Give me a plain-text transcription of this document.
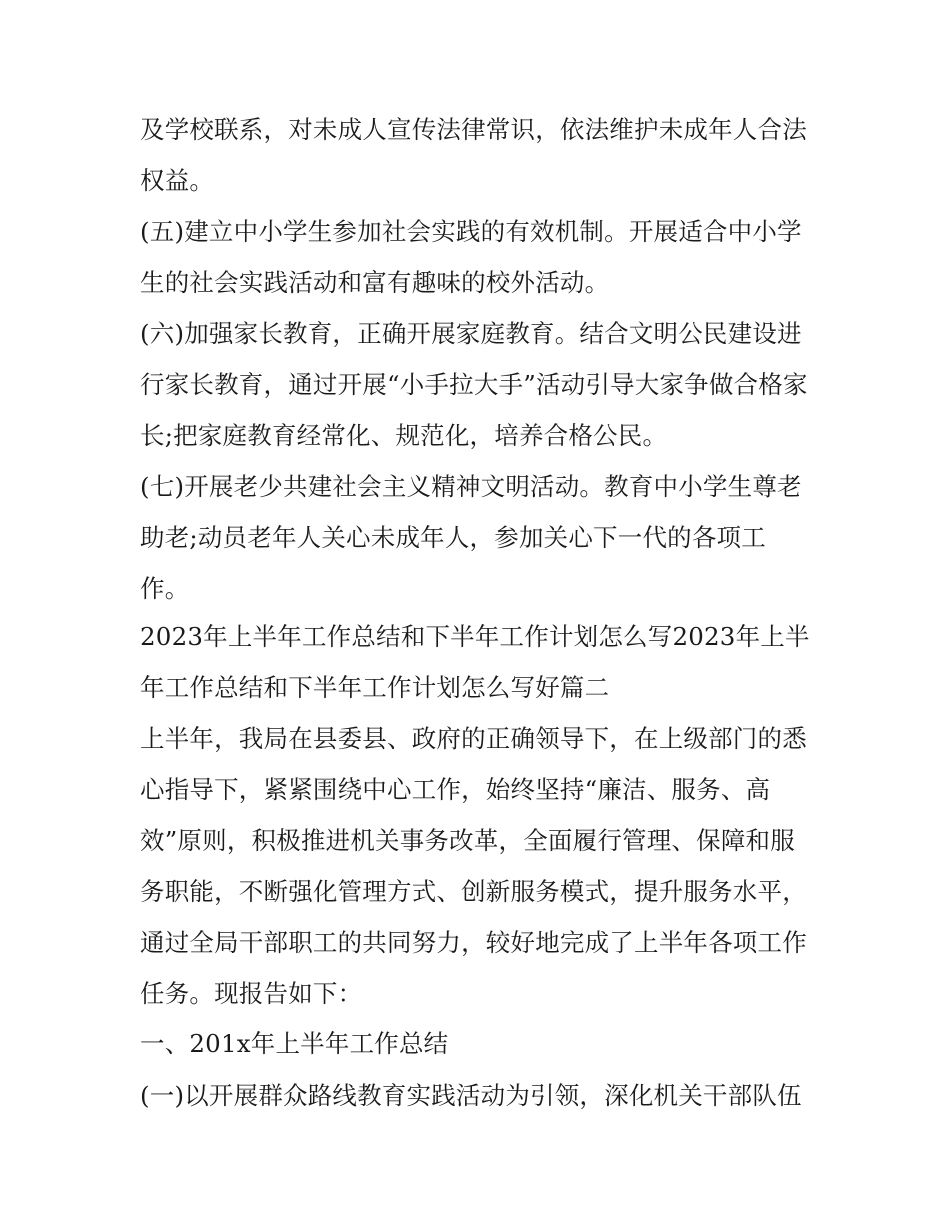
及学校联系，对未成人宣传法律常识，依法维护未成年人合法
权益。
(五)建立中小学生参加社会实践的有效机制。开展适合中小学
生的社会实践活动和富有趣味的校外活动。
(六)加强家长教育，正确开展家庭教育。结合文明公民建设进
行家长教育，通过开展“小手拉大手”活动引导大家争做合格家
长;把家庭教育经常化、规范化，培养合格公民。
(七)开展老少共建社会主义精神文明活动。教育中小学生尊老
助老;动员老年人关心未成年人，参加关心下一代的各项工
作。
2023年上半年工作总结和下半年工作计划怎么写2023年上半
年工作总结和下半年工作计划怎么写好篇二
上半年，我局在县委县、政府的正确领导下，在上级部门的悉
心指导下，紧紧围绕中心工作，始终坚持“廉洁、服务、高
效”原则，积极推进机关事务改革，全面履行管理、保障和服
务职能，不断强化管理方式、创新服务模式，提升服务水平，
通过全局干部职工的共同努力，较好地完成了上半年各项工作
任务。现报告如下：
一、201x年上半年工作总结
(一)以开展群众路线教育实践活动为引领，深化机关干部队伍
